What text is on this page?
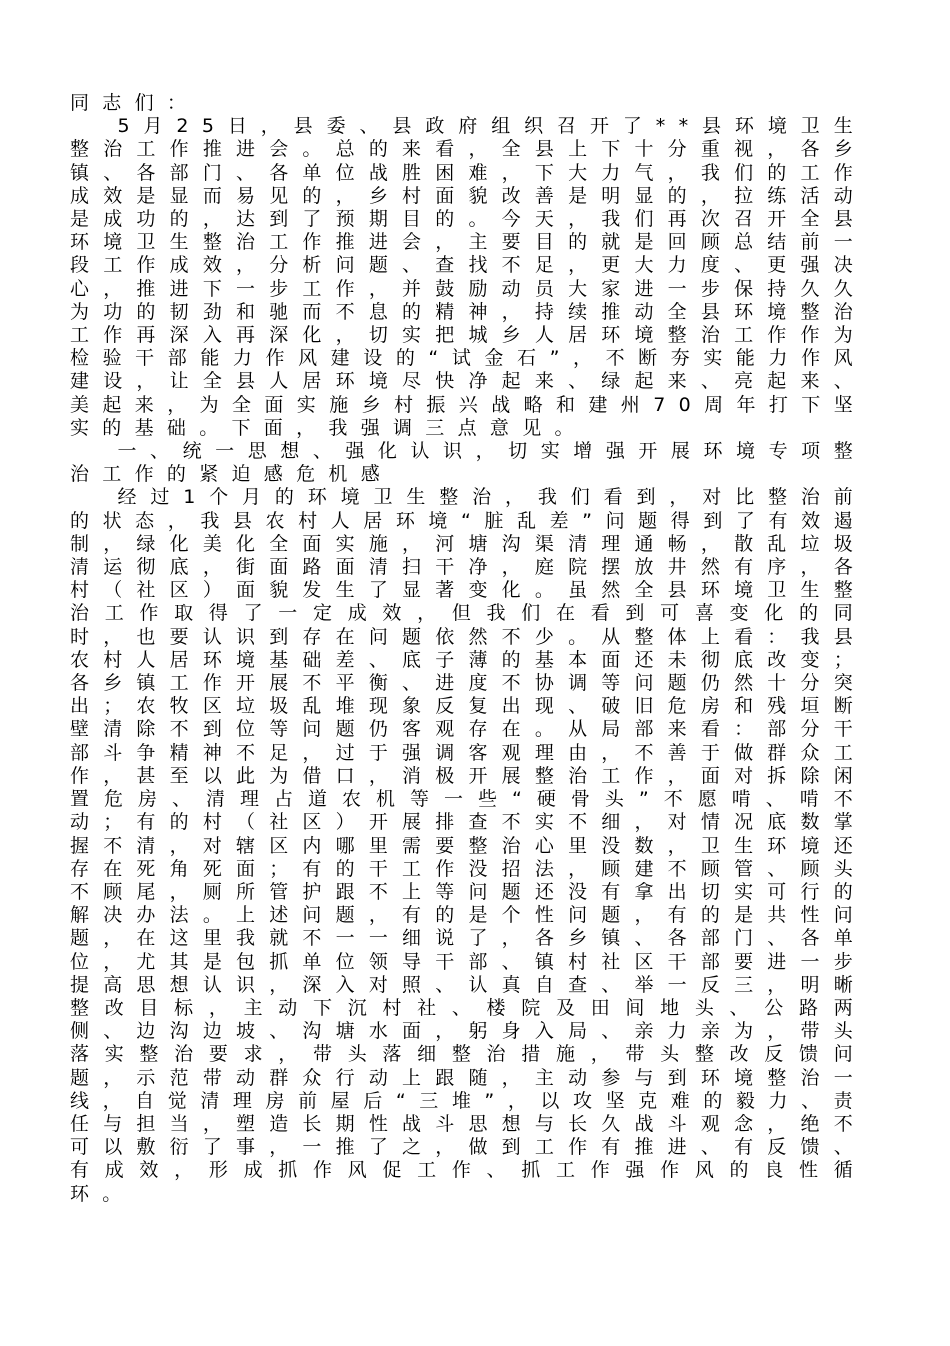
同志们：

5月25日，县委、县政府组织召开了**县环境卫生整治工作推进会。总的来看，全县上下十分重视，各乡镇、各部门、各单位战胜困难，下大力气，我们的工作成效是显而易见的，乡村面貌改善是明显的，拉练活动是成功的，达到了预期目的。今天，我们再次召开全县环境卫生整治工作推进会，主要目的就是回顾总结前一段工作成效，分析问题、查找不足，更大力度、更强决心，推进下一步工作，并鼓励动员大家进一步保持久久为功的韧劲和驰而不息的精神，持续推动全县环境整治工作再深入再深化，切实把城乡人居环境整治工作作为检验干部能力作风建设的“试金石”，不断夯实能力作风建设，让全县人居环境尽快净起来、绿起来、亮起来、美起来，为全面实施乡村振兴战略和建州70周年打下坚实的基础。下面，我强调三点意见。

一、统一思想、强化认识，切实增强开展环境专项整治工作的紧迫感危机感

经过1个月的环境卫生整治，我们看到，对比整治前的状态，我县农村人居环境“脏乱差”问题得到了有效遏制，绿化美化全面实施，河塘沟渠清理通畅，散乱垃圾清运彻底，街面路面清扫干净，庭院摆放井然有序，各村（社区）面貌发生了显著变化。虽然全县环境卫生整治工作取得了一定成效，但我们在看到可喜变化的同时，也要认识到存在问题依然不少。从整体上看：我县农村人居环境基础差、底子薄的基本面还未彻底改变；各乡镇工作开展不平衡、进度不协调等问题仍然十分突出；农牧区垃圾乱堆现象反复出现、破旧危房和残垣断壁清除不到位等问题仍客观存在。从局部来看：部分干部斗争精神不足，过于强调客观理由，不善于做群众工作，甚至以此为借口，消极开展整治工作，面对拆除闲置危房、清理占道农机等一些“硬骨头”不愿啃、啃不动；有的村（社区）开展排查不实不细，对情况底数掌握不清，对辖区内哪里需要整治心里没数，卫生环境还存在死角死面；有的干工作没招法，顾建不顾管、顾头不顾尾，厕所管护跟不上等问题还没有拿出切实可行的解决办法。上述问题，有的是个性问题，有的是共性问题，在这里我就不一一细说了，各乡镇、各部门、各单位，尤其是包抓单位领导干部、镇村社区干部要进一步提高思想认识，深入对照、认真自查、举一反三，明晰整改目标，主动下沉村社、楼院及田间地头、公路两侧、边沟边坡、沟塘水面，躬身入局、亲力亲为，带头落实整治要求，带头落细整治措施，带头整改反馈问题，示范带动群众行动上跟随，主动参与到环境整治一线，自觉清理房前屋后“三堆”，以攻坚克难的毅力、责任与担当，塑造长期性战斗思想与长久战斗观念，绝不可以敷衍了事，一推了之，做到工作有推进、有反馈、有成效，形成抓作风促工作、抓工作强作风的良性循环。
